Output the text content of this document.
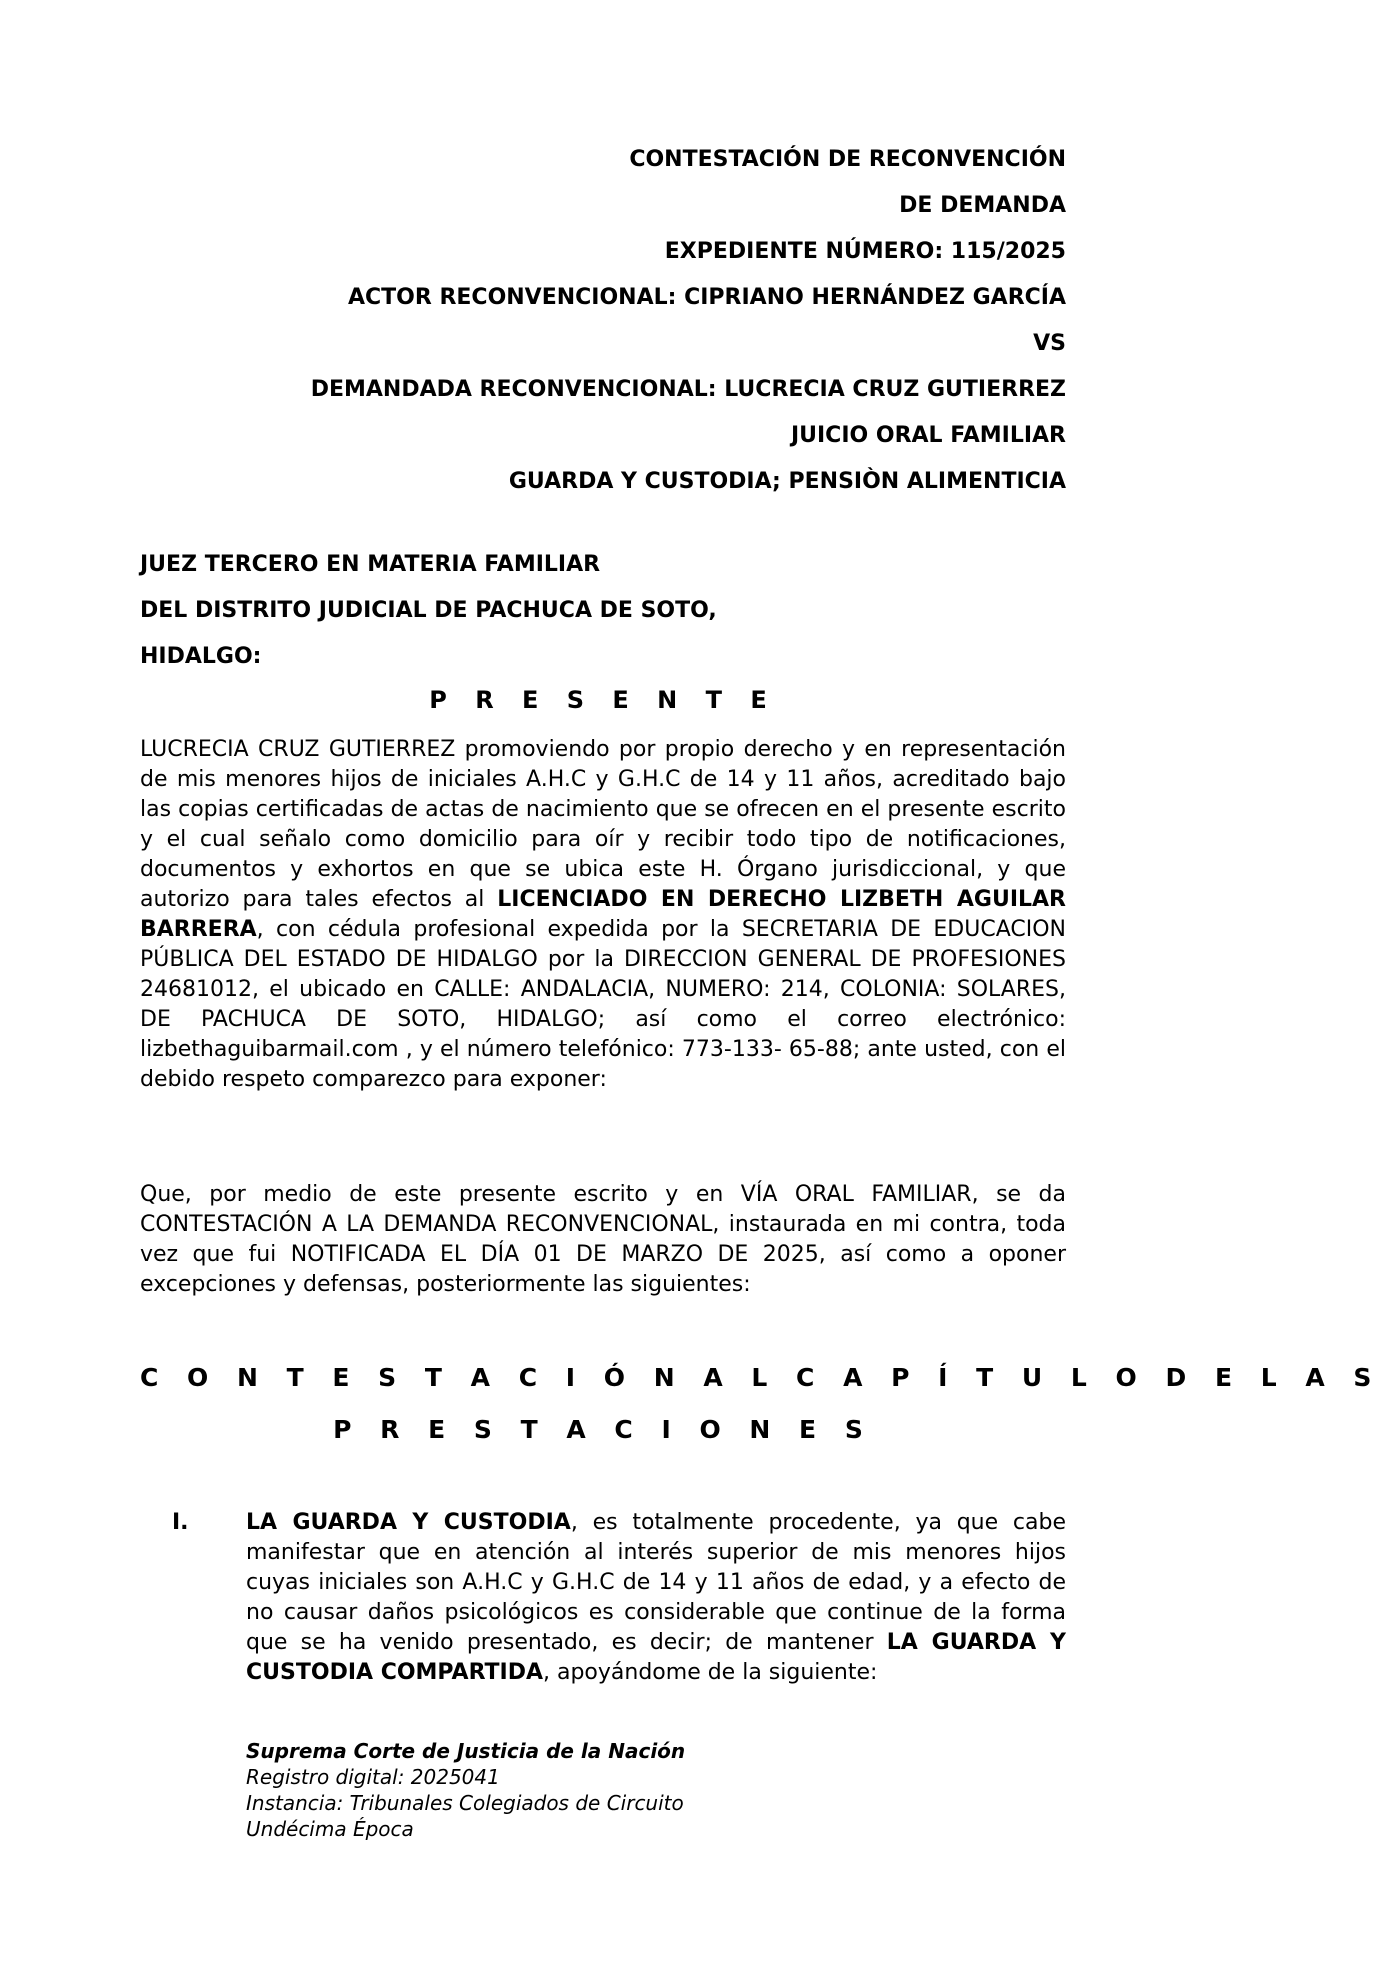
CONTESTACIÓN DE RECONVENCIÓN
DE DEMANDA
EXPEDIENTE NÚMERO: 115/2025
ACTOR RECONVENCIONAL: CIPRIANO HERNÁNDEZ GARCÍA
VS
DEMANDADA RECONVENCIONAL: LUCRECIA CRUZ GUTIERREZ
JUICIO ORAL FAMILIAR
GUARDA Y CUSTODIA; PENSIÒN ALIMENTICIA
JUEZ TERCERO EN MATERIA FAMILIAR
DEL DISTRITO JUDICIAL DE PACHUCA DE SOTO,
HIDALGO:
P R E S E N T E
LUCRECIA CRUZ GUTIERREZ promoviendo por propio derecho y en representación de mis menores hijos de iniciales A.H.C y G.H.C de 14 y 11 años, acreditado bajo las copias certificadas de actas de nacimiento que se ofrecen en el presente escrito y el cual señalo como domicilio para oír y recibir todo tipo de notificaciones, documentos y exhortos en que se ubica este H. Órgano jurisdiccional, y que autorizo para tales efectos al LICENCIADO EN DERECHO LIZBETH AGUILAR BARRERA, con cédula profesional expedida por la SECRETARIA DE EDUCACION PÚBLICA DEL ESTADO DE HIDALGO por la DIRECCION GENERAL DE PROFESIONES 24681012, el ubicado en CALLE: ANDALACIA, NUMERO: 214, COLONIA: SOLARES, DE PACHUCA DE SOTO, HIDALGO; así como el correo electrónico: lizbethaguibarmail.com , y el número telefónico: 773-133- 65-88; ante usted, con el debido respeto comparezco para exponer:
Que, por medio de este presente escrito y en VÍA ORAL FAMILIAR, se da CONTESTACIÓN A LA DEMANDA RECONVENCIONAL, instaurada en mi contra, toda vez que fui NOTIFICADA EL DÍA 01 DE MARZO DE 2025, así como a oponer excepciones y defensas, posteriormente las siguientes:
C O N T E S T A C I Ó N A L C A P Í T U L O D E L A S
P R E S T A C I O N E S
I.	LA GUARDA Y CUSTODIA, es totalmente procedente, ya que cabe manifestar que en atención al interés superior de mis menores hijos cuyas iniciales son A.H.C y G.H.C de 14 y 11 años de edad, y a efecto de no causar daños psicológicos es considerable que continue de la forma que se ha venido presentado, es decir; de mantener LA GUARDA Y CUSTODIA COMPARTIDA, apoyándome de la siguiente:
Suprema Corte de Justicia de la Nación
Registro digital: 2025041
Instancia: Tribunales Colegiados de Circuito
Undécima Época
